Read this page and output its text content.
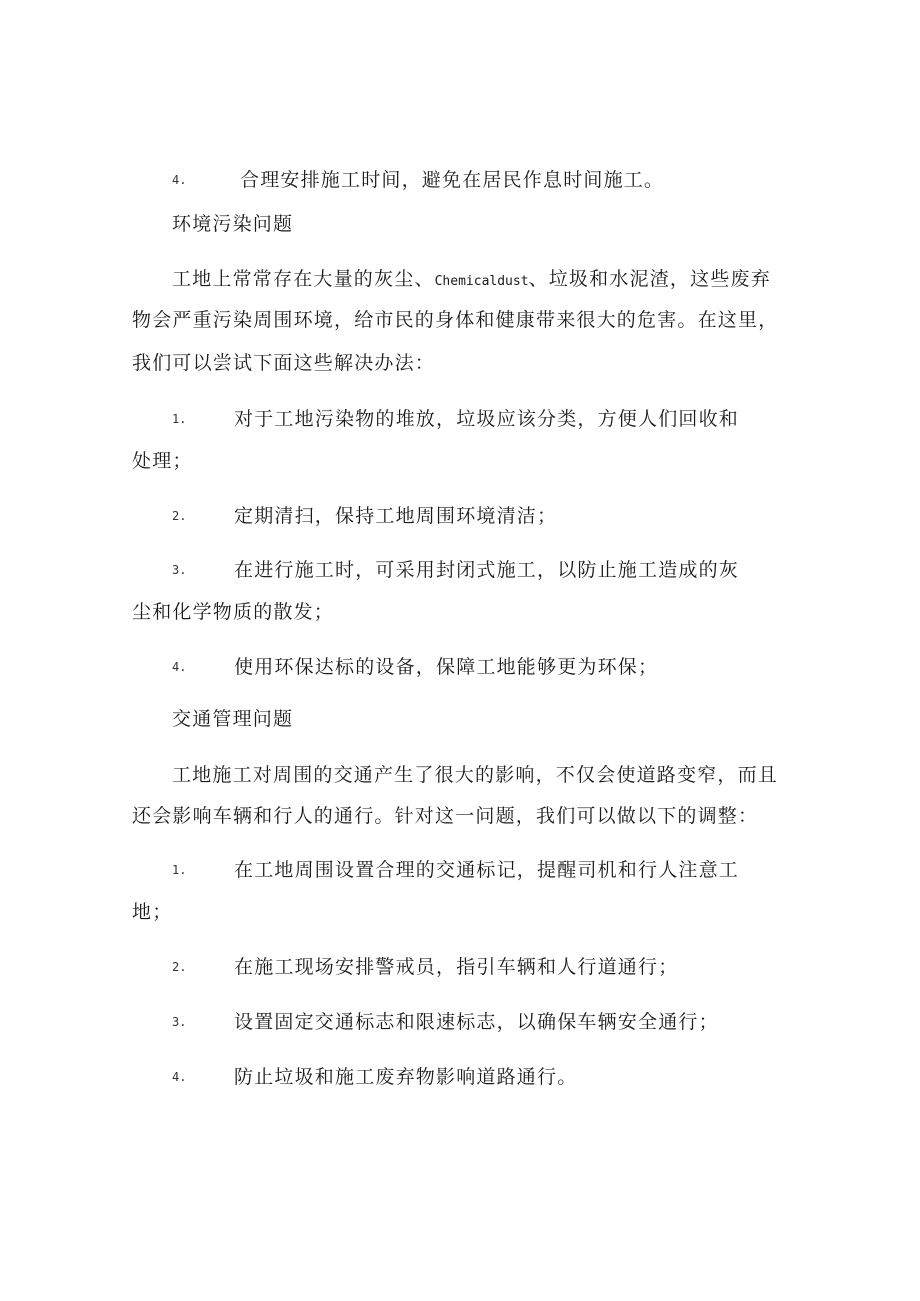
4.	合理安排施工时间，避免在居民作息时间施工。
环境污染问题
工地上常常存在大量的灰尘、Chemicaldust、垃圾和水泥渣，这些废弃
物会严重污染周围环境，给市民的身体和健康带来很大的危害。在这里，
我们可以尝试下面这些解决办法：
1.	对于工地污染物的堆放，垃圾应该分类，方便人们回收和
处理；
2.	定期清扫，保持工地周围环境清洁；
3.	在进行施工时，可采用封闭式施工，以防止施工造成的灰
尘和化学物质的散发；
4.	使用环保达标的设备，保障工地能够更为环保；
交通管理问题
工地施工对周围的交通产生了很大的影响，不仅会使道路变窄，而且
还会影响车辆和行人的通行。针对这一问题，我们可以做以下的调整：
1.	在工地周围设置合理的交通标记，提醒司机和行人注意工
地；
2.	在施工现场安排警戒员，指引车辆和人行道通行；
3.	设置固定交通标志和限速标志，以确保车辆安全通行；
4.	防止垃圾和施工废弃物影响道路通行。
